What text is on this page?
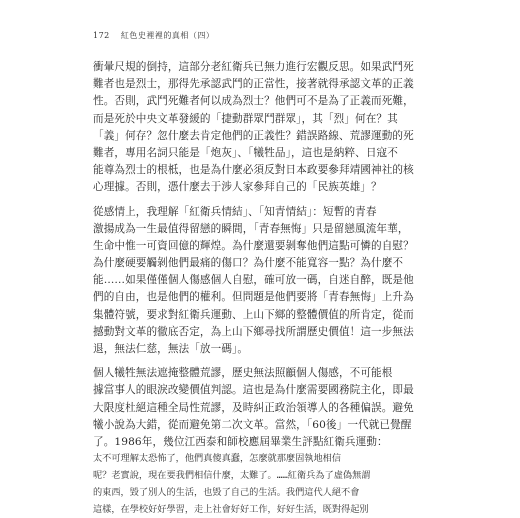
172 紅色史裡裡的真相（四）
衝暈尺規的倒持，這部分老紅衛兵已無力進行宏觀反思。如果武鬥死
難者也是烈士，那得先承認武鬥的正當性，接著就得承認文革的正義
性。否則，武鬥死難者何以成為烈士？他們可不是為了正義而死難，
而是死於中央文革發緩的「捷動群眾鬥群眾」，其「烈」何在？其
「義」何存？忽什麼去肯定他們的正義性？錯誤路線、荒謬運動的死
難者，專用名詞只能是「炮灰」、「犧牲品」，這也是納粹、日寇不
能尊為烈士的根柢，也是為什麼必須反對日本政要參拜靖國神社的核
心理據。否則，憑什麼去于涉人家參拜自己的「民族英雄」？
從感情上，我理解「紅衛兵情結」、「知青情結」：短暫的青春
激揚成為一生最值得留戀的瞬間，「青春無悔」只是留戀風流年華，
生命中惟一可資回億的輝煌。為什麼還要剝奪他們這點可憐的自慰？
為什麼硬要觸剝他們最痛的傷口？為什麼不能寬容一點？為什麼不
能……如果僅僅個人傷感個人自慰，確可放一碼，自迷自醉，既是他
們的自由，也是他們的權利。但問題是他們要將「青春無悔」上升為
集體符號，要求對紅衛兵運動、上山下鄉的整體價值的所肯定，從而
撼動對文革的徹底否定，為上山下鄉尋找所謂歷史價值！這一步無法
退，無法仁慈，無法「放一碼」。
個人犧牲無法遮掩整體荒謬，歷史無法照顧個人傷感，不可能根
據當事人的眼淚改變價值判認。這也是為什麼需要國務院主化，即最
大限度杜絕這種全局性荒謬，及時糾正政治領導人的各種偏誤。避免
犧小說為大錯，從而避免第二次文革。當然，「60後」一代就已覺醒
了。1986年，幾位江西泰和師校應屆畢業生評點紅衛兵運動：
太不可理解太恐怖了，他們真傻真蠢，怎麼就那麼固執地相信
呢？老實說，現在要我們相信什麼，太難了。……紅衛兵為了虛偽無謂
的東西，毀了別人的生活，也毀了自己的生活。我們這代人絕不會
這樣，在學校好好學習，走上社會好好工作，好好生活，既對得起別
